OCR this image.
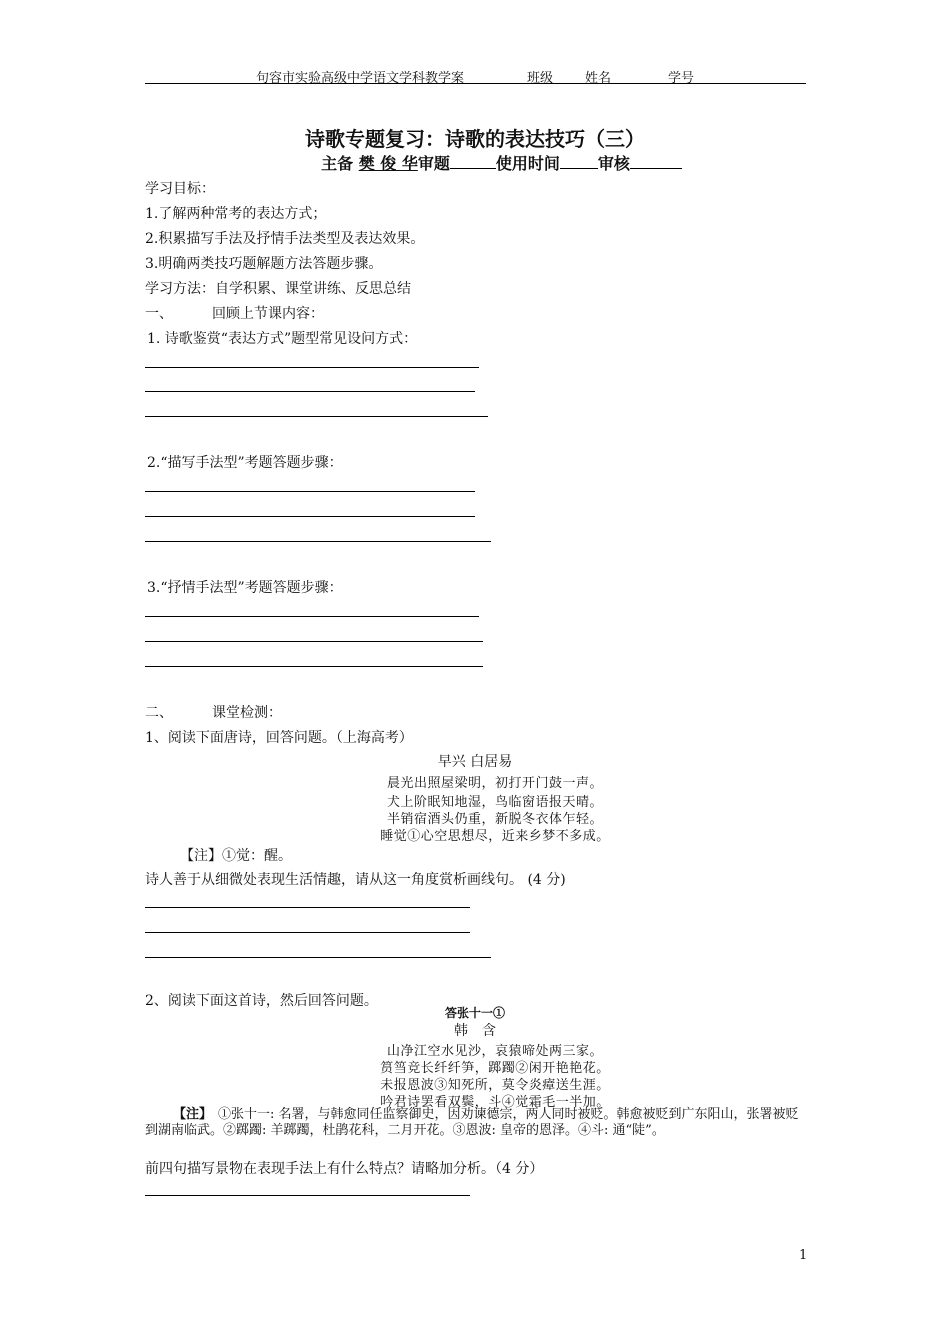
句容市实验高级中学语文学科教学案	班级 姓名	学号
诗歌专题复习：诗歌的表达技巧（三）
主备 樊 俊 华审题	使用时间 审核
学习目标：
1.了解两种常考的表达方式；
2.积累描写手法及抒情手法类型及表达效果。
3.明确两类技巧题解题方法答题步骤。
学习方法：自学积累、课堂讲练、反思总结
一、	回顾上节课内容：
1. 诗歌鉴赏“表达方式”题型常见设问方式：
2.“描写手法型”考题答题步骤：
3.“抒情手法型”考题答题步骤：
二、	课堂检测：
1、阅读下面唐诗，回答问题。（上海高考）
早兴 白居易
晨光出照屋梁明，初打开门鼓一声。
犬上阶眠知地湿，鸟临窗语报天晴。
半销宿酒头仍重，新脱冬衣体乍轻。
睡觉①心空思想尽，近来乡梦不多成。
【注】①觉：醒。
诗人善于从细微处表现生活情趣，请从这一角度赏析画线句。 (4 分)
2、阅读下面这首诗，然后回答问题。
答张十一①
韩　含
山净江空水见沙，哀猿啼处两三家。
筼筜竞长纤纤笋，踯躅②闲开艳艳花。
未报恩波③知死所，莫令炎瘴送生涯。
吟君诗罢看双鬓，斗④觉霜毛一半加。
【注】 ①张十一: 名署，与韩愈同任监察御史，因劝谏德宗，两人同时被贬。韩愈被贬到广东阳山，张署被贬到湖南临武。②踯躅: 羊踯躅，杜鹃花科，二月开花。③恩波: 皇帝的恩泽。④斗: 通“陡”。
前四句描写景物在表现手法上有什么特点？请略加分析。（4 分）
1
